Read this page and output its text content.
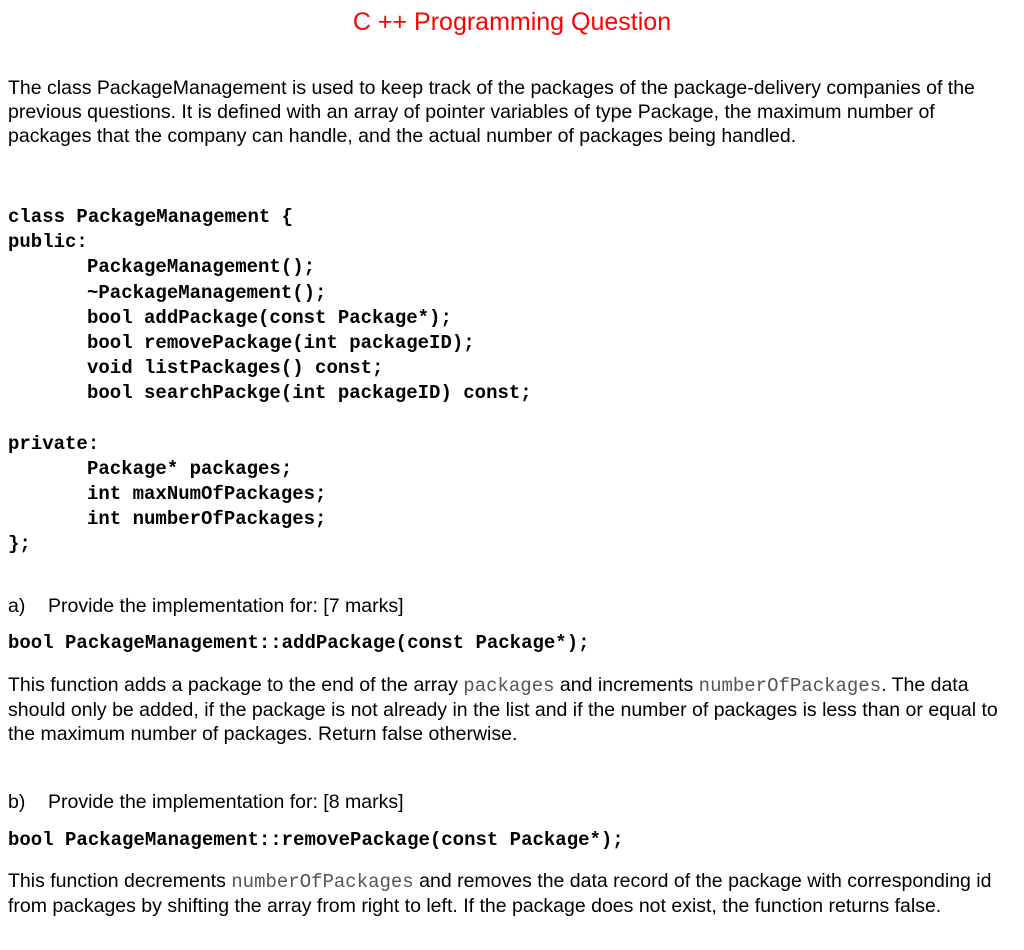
C ++ Programming Question
The class PackageManagement is used to keep track of the packages of the package-delivery companies of the previous questions. It is defined with an array of pointer variables of type Package, the maximum number of packages that the company can handle, and the actual number of packages being handled.
class PackageManagement {
public:
PackageManagement();
~PackageManagement();
bool addPackage(const Package*);
bool removePackage(int packageID);
void listPackages() const;
bool searchPackge(int packageID) const;
private:
Package* packages;
int maxNumOfPackages;
int numberOfPackages;
};
a) Provide the implementation for: [7 marks]
bool PackageManagement::addPackage(const Package*);
This function adds a package to the end of the array packages and increments numberOfPackages. The data should only be added, if the package is not already in the list and if the number of packages is less than or equal to the maximum number of packages. Return false otherwise.
b) Provide the implementation for: [8 marks]
bool PackageManagement::removePackage(const Package*);
This function decrements numberOfPackages and removes the data record of the package with corresponding id from packages by shifting the array from right to left. If the package does not exist, the function returns false.
